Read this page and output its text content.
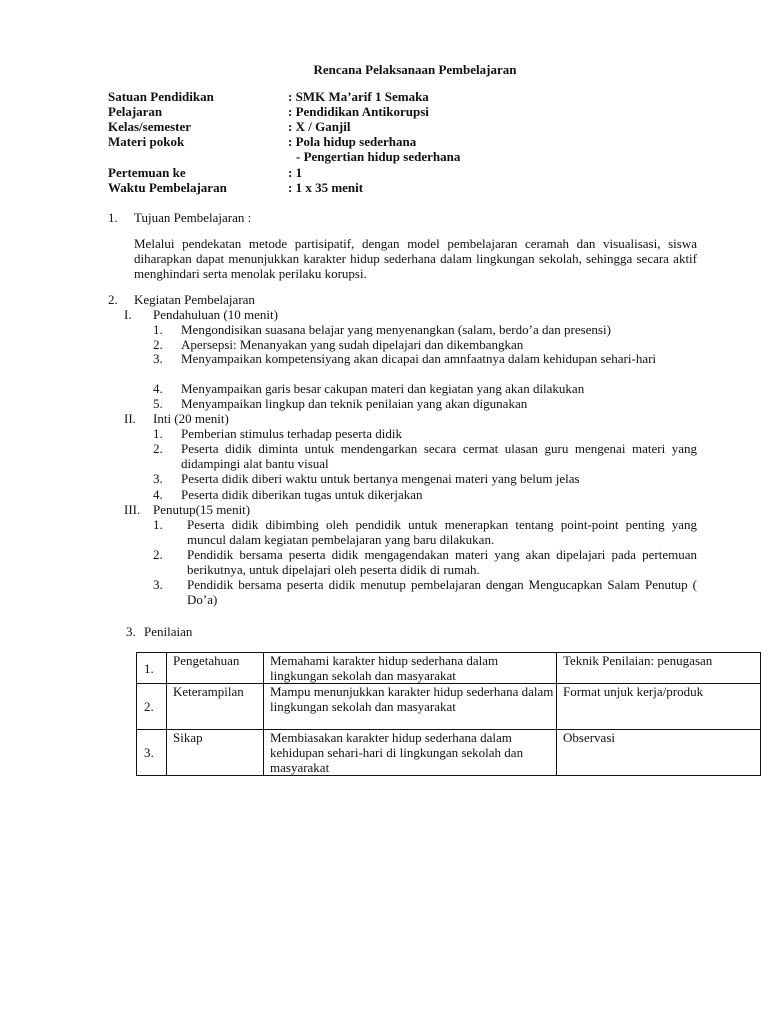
Rencana Pelaksanaan Pembelajaran
Satuan Pendidikan	: SMK Ma’arif 1 Semaka
Pelajaran	: Pendidikan Antikorupsi
Kelas/semester	: X / Ganjil
Materi pokok	: Pola hidup sederhana
- Pengertian hidup sederhana
Pertemuan ke	: 1
Waktu Pembelajaran	: 1 x 35 menit
1. Tujuan Pembelajaran :
Melalui pendekatan metode partisipatif, dengan model pembelajaran ceramah dan visualisasi, siswa diharapkan dapat menunjukkan karakter hidup sederhana dalam lingkungan sekolah, sehingga secara aktif menghindari serta menolak perilaku korupsi.
2. Kegiatan Pembelajaran
I. Pendahuluan (10 menit)
1. Mengondisikan suasana belajar yang menyenangkan (salam, berdo’a dan presensi)
2. Apersepsi: Menanyakan yang sudah dipelajari dan dikembangkan
3. Menyampaikan kompetensiyang akan dicapai dan amnfaatnya dalam kehidupan sehari-hari
4. Menyampaikan garis besar cakupan materi dan kegiatan yang akan dilakukan
5. Menyampaikan lingkup dan teknik penilaian yang akan digunakan
II. Inti (20 menit)
1. Pemberian stimulus terhadap peserta didik
2. Peserta didik diminta untuk mendengarkan secara cermat ulasan guru mengenai materi yang didampingi alat bantu visual
3. Peserta didik diberi waktu untuk bertanya mengenai materi yang belum jelas
4. Peserta didik diberikan tugas untuk dikerjakan
III. Penutup(15 menit)
1. Peserta didik dibimbing oleh pendidik untuk menerapkan tentang point-point penting yang muncul dalam kegiatan pembelajaran yang baru dilakukan.
2. Pendidik bersama peserta didik mengagendakan materi yang akan dipelajari pada pertemuan berikutnya, untuk dipelajari oleh peserta didik di rumah.
3. Pendidik bersama peserta didik menutup pembelajaran dengan Mengucapkan Salam Penutup ( Do’a)
3. Penilaian
1.	Pengetahuan	Memahami karakter hidup sederhana dalam lingkungan sekolah dan masyarakat	Teknik Penilaian: penugasan
2.	Keterampilan	Mampu menunjukkan karakter hidup sederhana dalam lingkungan sekolah dan masyarakat	Format unjuk kerja/produk
3.	Sikap	Membiasakan karakter hidup sederhana dalam kehidupan sehari-hari di lingkungan sekolah dan masyarakat	Observasi
